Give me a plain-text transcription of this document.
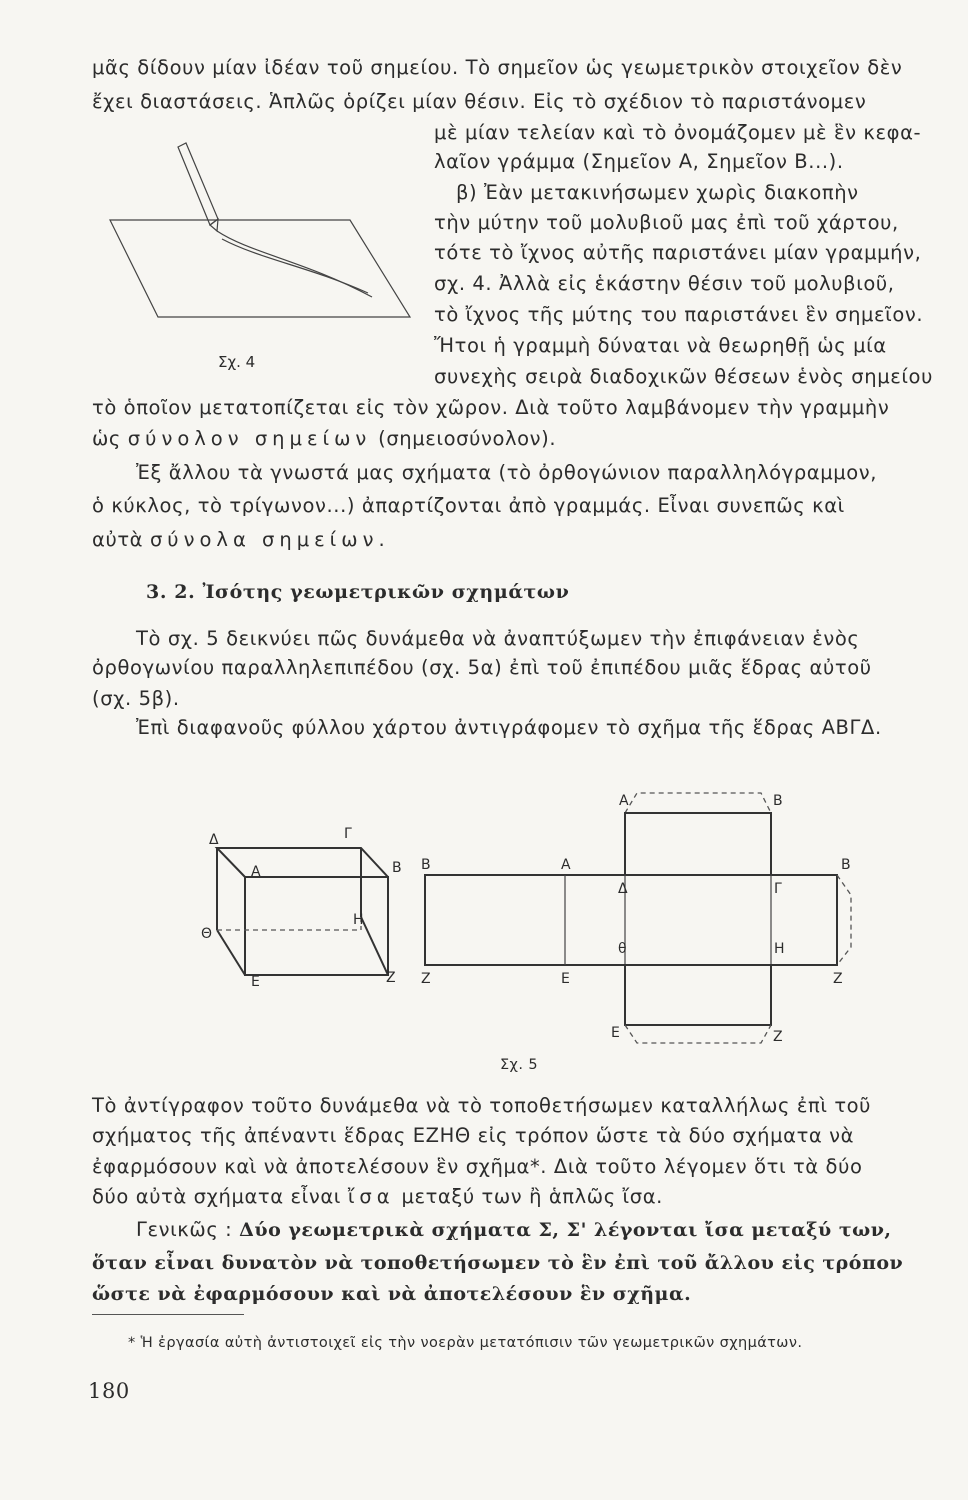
μᾶς δίδουν μίαν ἰδέαν τοῦ σημείου. Τὸ σημεῖον ὡς γεωμετρικὸν στοιχεῖον δὲν
ἔχει διαστάσεις. Ἁπλῶς ὁρίζει μίαν θέσιν. Εἰς τὸ σχέδιον τὸ παριστάνομεν
μὲ μίαν τελείαν καὶ τὸ ὀνομάζομεν μὲ ἓν κεφα-
λαῖον γράμμα (Σημεῖον Α, Σημεῖον Β...).
β) Ἐὰν μετακινήσωμεν χωρὶς διακοπὴν
τὴν μύτην τοῦ μολυβιοῦ μας ἐπὶ τοῦ χάρτου,
τότε τὸ ἴχνος αὐτῆς παριστάνει μίαν γραμμήν,
σχ. 4. Ἀλλὰ εἰς ἑκάστην θέσιν τοῦ μολυβιοῦ,
τὸ ἴχνος τῆς μύτης του παριστάνει ἓν σημεῖον.
Ἤτοι ἡ γραμμὴ δύναται νὰ θεωρηθῇ ὡς μία
συνεχὴς σειρὰ διαδοχικῶν θέσεων ἑνὸς σημείου
τὸ ὁποῖον μετατοπίζεται εἰς τὸν χῶρον. Διὰ τοῦτο λαμβάνομεν τὴν γραμμὴν
ὡς σύνολον σημείων (σημειοσύνολον).
Ἐξ ἄλλου τὰ γνωστά μας σχήματα (τὸ ὀρθογώνιον παραλληλόγραμμον,
ὁ κύκλος, τὸ τρίγωνον...) ἀπαρτίζονται ἀπὸ γραμμάς. Εἶναι συνεπῶς καὶ
αὐτὰ σύνολα σημείων.
3. 2. Ἰσότης γεωμετρικῶν σχημάτων
Τὸ σχ. 5 δεικνύει πῶς δυνάμεθα νὰ ἀναπτύξωμεν τὴν ἐπιφάνειαν ἑνὸς
ὀρθογωνίου παραλληλεπιπέδου (σχ. 5α) ἐπὶ τοῦ ἐπιπέδου μιᾶς ἕδρας αὐτοῦ
(σχ. 5β).
Ἐπὶ διαφανοῦς φύλλου χάρτου ἀντιγράφομεν τὸ σχῆμα τῆς ἕδρας ΑΒΓΔ.
Σχ. 4
Δ	Γ
Α	Β
Θ
Η
Ε	Ζ
Β	Α
Ζ	Ε
Α	Β
Δ	Γ
θ	Η
Ε	Ζ
Β
Ζ
Σχ. 5
Τὸ ἀντίγραφον τοῦτο δυνάμεθα νὰ τὸ τοποθετήσωμεν καταλλήλως ἐπὶ τοῦ
σχήματος τῆς ἀπέναντι ἕδρας ΕΖΗΘ εἰς τρόπον ὥστε τὰ δύο σχήματα νὰ
ἐφαρμόσουν καὶ νὰ ἀποτελέσουν ἓν σχῆμα*. Διὰ τοῦτο λέγομεν ὅτι τὰ δύο
δύο αὐτὰ σχήματα εἶναι ἴσα μεταξύ των ἢ ἁπλῶς ἴσα.
Γενικῶς : Δύο γεωμετρικὰ σχήματα Σ, Σ' λέγονται ἴσα μεταξύ των,
ὅταν εἶναι δυνατὸν νὰ τοποθετήσωμεν τὸ ἓν ἐπὶ τοῦ ἄλλου εἰς τρόπον
ὥστε νὰ ἐφαρμόσουν καὶ νὰ ἀποτελέσουν ἓν σχῆμα.
* Ἡ ἐργασία αὐτὴ ἀντιστοιχεῖ εἰς τὴν νοερὰν μετατόπισιν τῶν γεωμετρικῶν σχημάτων.
180
